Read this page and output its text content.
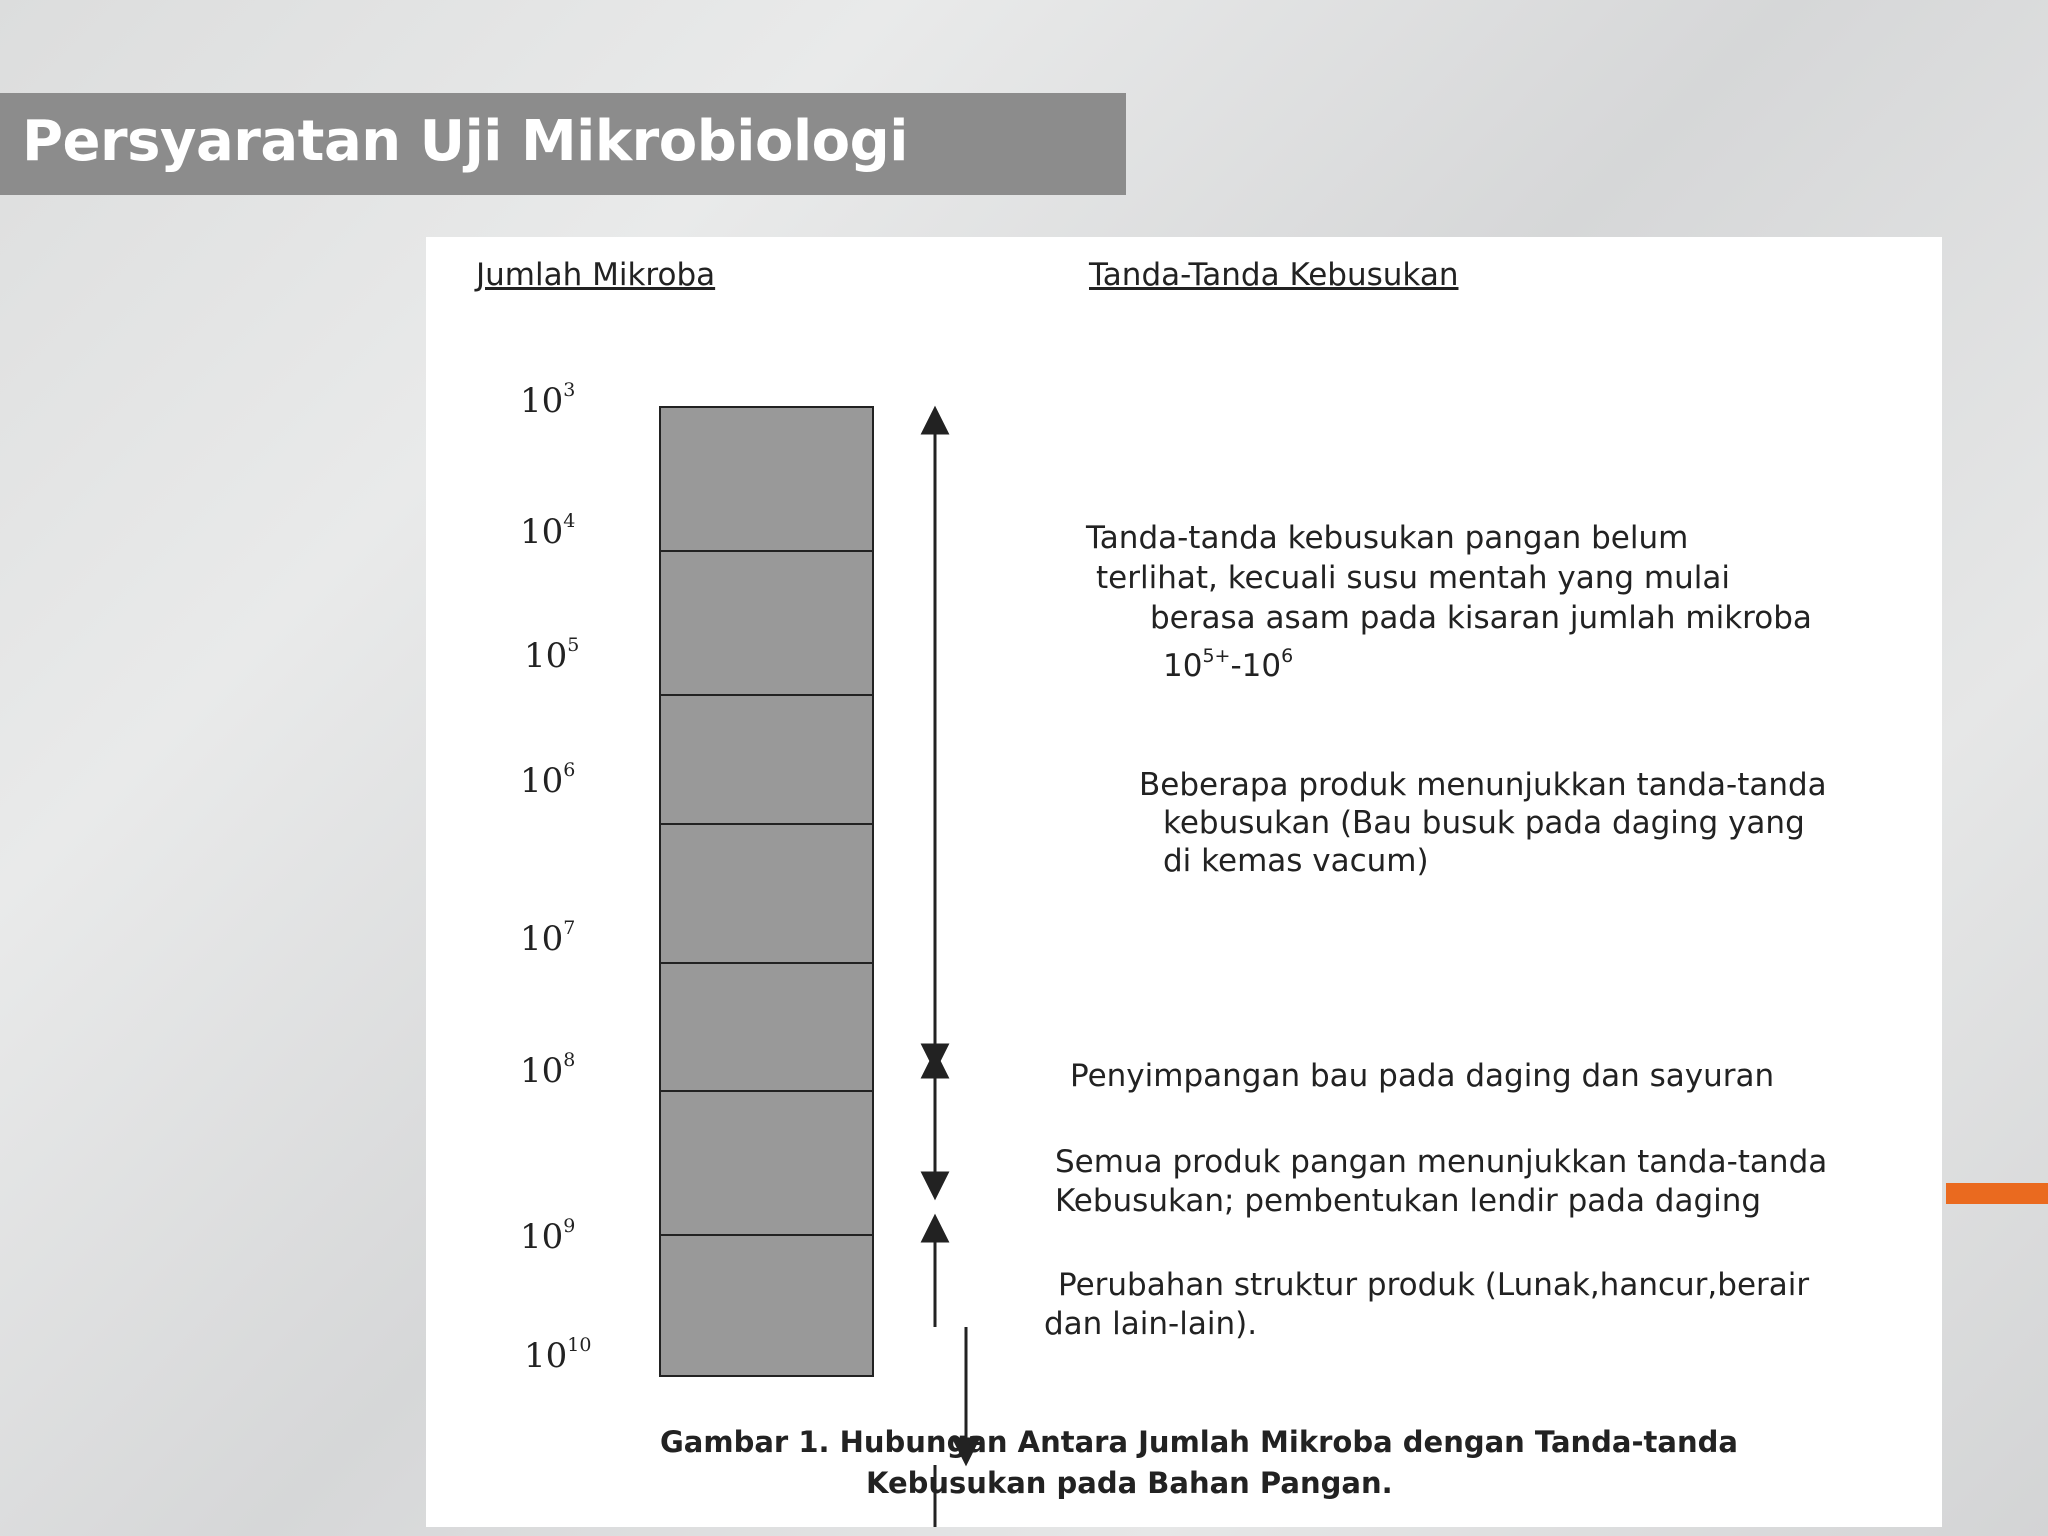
Persyaratan Uji Mikrobiologi
Jumlah Mikroba	Tanda-Tanda Kebusukan
$10^3$
$10^4$
$10^5$
$10^6$
$10^7$
$10^8$
$10^9$
$10^{10}$
Tanda-tanda kebusukan pangan belum
terlihat, kecuali susu mentah yang mulai
berasa asam pada kisaran jumlah mikroba
$10^{5+}-10^6$
Beberapa produk menunjukkan tanda-tanda
kebusukan (Bau busuk pada daging yang
di kemas vacum)
Penyimpangan bau pada daging dan sayuran
Semua produk pangan menunjukkan tanda-tanda
Kebusukan; pembentukan lendir pada daging
Perubahan struktur produk (Lunak,hancur,berair
dan lain-lain).
Gambar 1. Hubungan Antara Jumlah Mikroba dengan Tanda-tanda
Kebusukan pada Bahan Pangan.
